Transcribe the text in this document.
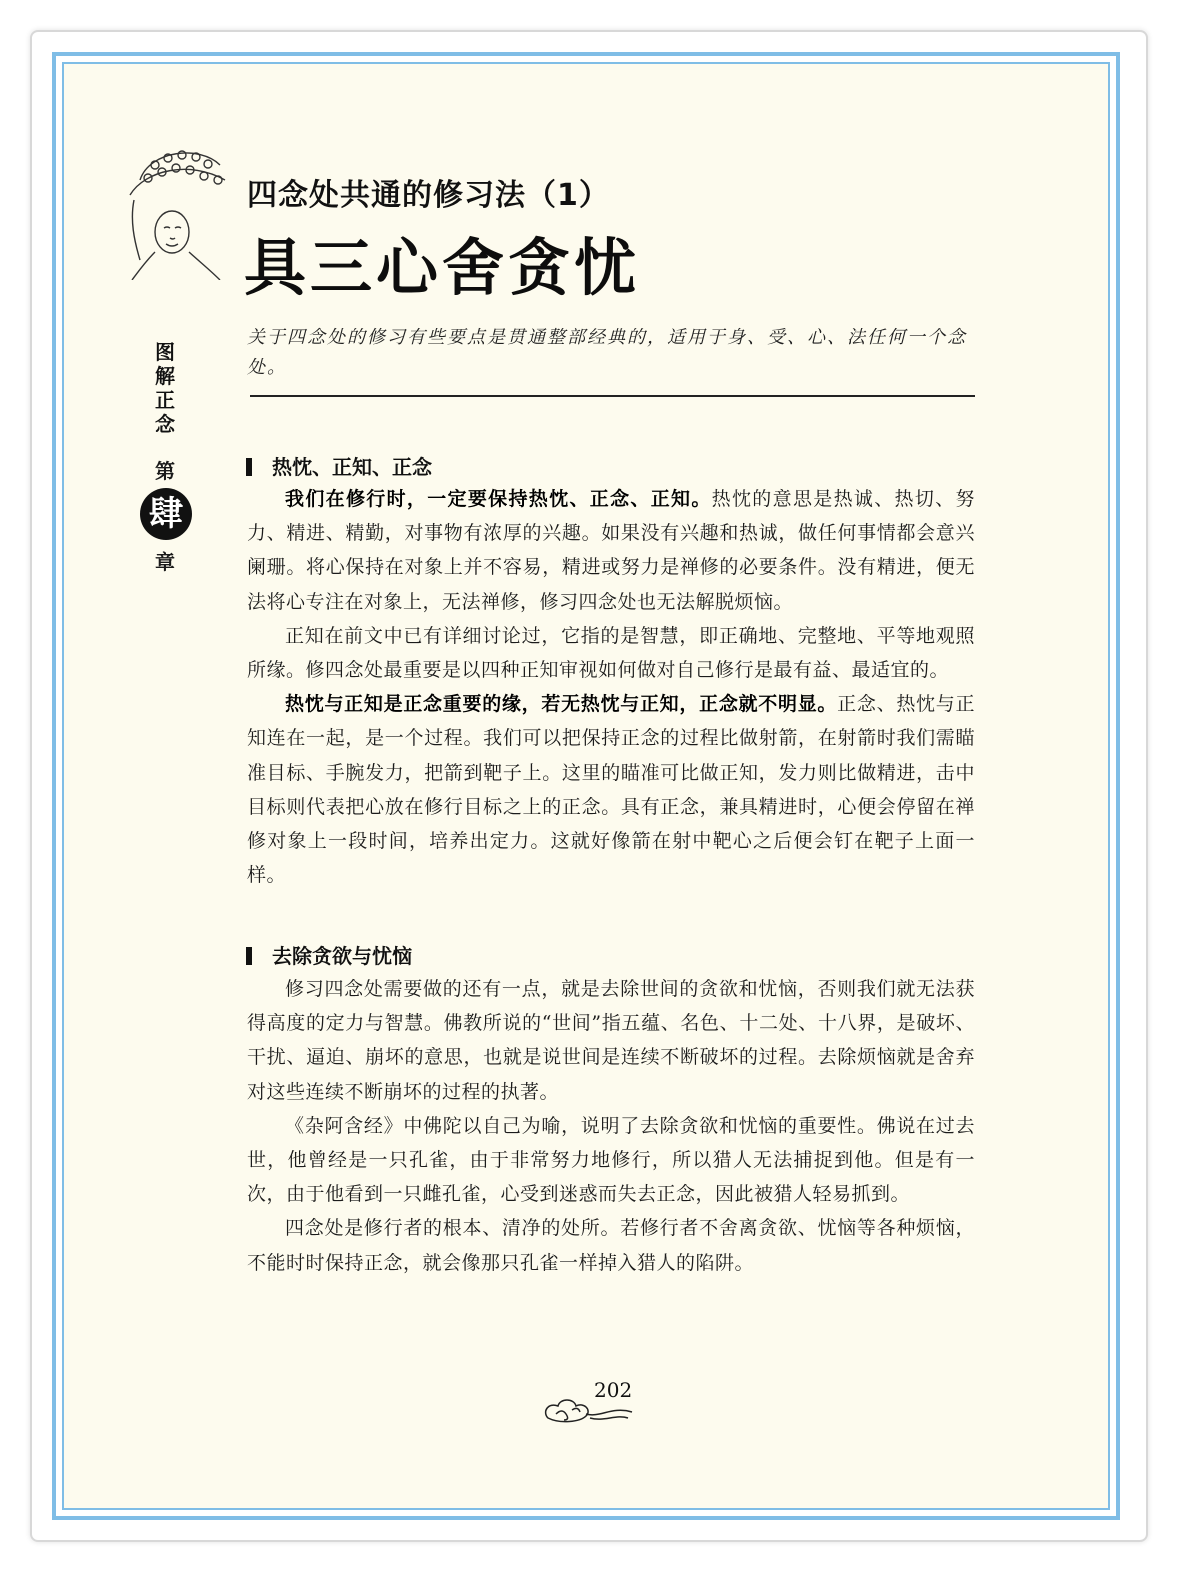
四念处共通的修习法（1）
具三心舍贪忧
图
解
正
念
第
肆
章
关于四念处的修习有些要点是贯通整部经典的，适用于身、受、心、法任何一个念处。
热忱、正知、正念

我们在修行时，一定要保持热忱、正念、正知。热忱的意思是热诚、热切、努力、精进、精勤，对事物有浓厚的兴趣。如果没有兴趣和热诚，做任何事情都会意兴阑珊。将心保持在对象上并不容易，精进或努力是禅修的必要条件。没有精进，便无法将心专注在对象上，无法禅修，修习四念处也无法解脱烦恼。

正知在前文中已有详细讨论过，它指的是智慧，即正确地、完整地、平等地观照所缘。修四念处最重要是以四种正知审视如何做对自己修行是最有益、最适宜的。

热忱与正知是正念重要的缘，若无热忱与正知，正念就不明显。正念、热忱与正知连在一起，是一个过程。我们可以把保持正念的过程比做射箭，在射箭时我们需瞄准目标、手腕发力，把箭到靶子上。这里的瞄准可比做正知，发力则比做精进，击中目标则代表把心放在修行目标之上的正念。具有正念，兼具精进时，心便会停留在禅修对象上一段时间，培养出定力。这就好像箭在射中靶心之后便会钉在靶子上面一样。

去除贪欲与忧恼

修习四念处需要做的还有一点，就是去除世间的贪欲和忧恼，否则我们就无法获得高度的定力与智慧。佛教所说的“世间”指五蕴、名色、十二处、十八界，是破坏、干扰、逼迫、崩坏的意思，也就是说世间是连续不断破坏的过程。去除烦恼就是舍弃对这些连续不断崩坏的过程的执著。

《杂阿含经》中佛陀以自己为喻，说明了去除贪欲和忧恼的重要性。佛说在过去世，他曾经是一只孔雀，由于非常努力地修行，所以猎人无法捕捉到他。但是有一次，由于他看到一只雌孔雀，心受到迷惑而失去正念，因此被猎人轻易抓到。

四念处是修行者的根本、清净的处所。若修行者不舍离贪欲、忧恼等各种烦恼，不能时时保持正念，就会像那只孔雀一样掉入猎人的陷阱。

202
